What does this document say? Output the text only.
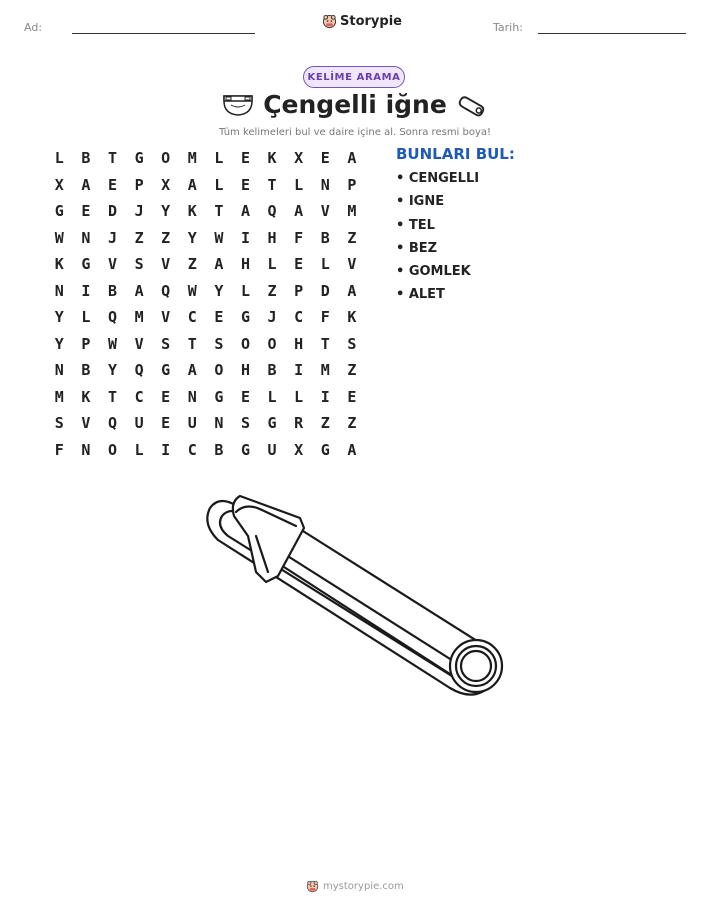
Ad:	Storypie	Tarih:
KELİME ARAMA
Çengelli iğne
Tüm kelimeleri bul ve daire içine al. Sonra resmi boya!
L	B	T	G	O	M	L	E	K	X	E	A
X	A	E	P	X	A	L	E	T	L	N	P
G	E	D	J	Y	K	T	A	Q	A	V	M
W	N	J	Z	Z	Y	W	I	H	F	B	Z
K	G	V	S	V	Z	A	H	L	E	L	V
N	I	B	A	Q	W	Y	L	Z	P	D	A
Y	L	Q	M	V	C	E	G	J	C	F	K
Y	P	W	V	S	T	S	O	O	H	T	S
N	B	Y	Q	G	A	O	H	B	I	M	Z
M	K	T	C	E	N	G	E	L	L	I	E
S	V	Q	U	E	U	N	S	G	R	Z	Z
F	N	O	L	I	C	B	G	U	X	G	A
BUNLARI BUL:
• CENGELLI
• IGNE
• TEL
• BEZ
• GOMLEK
• ALET
mystorypie.com
